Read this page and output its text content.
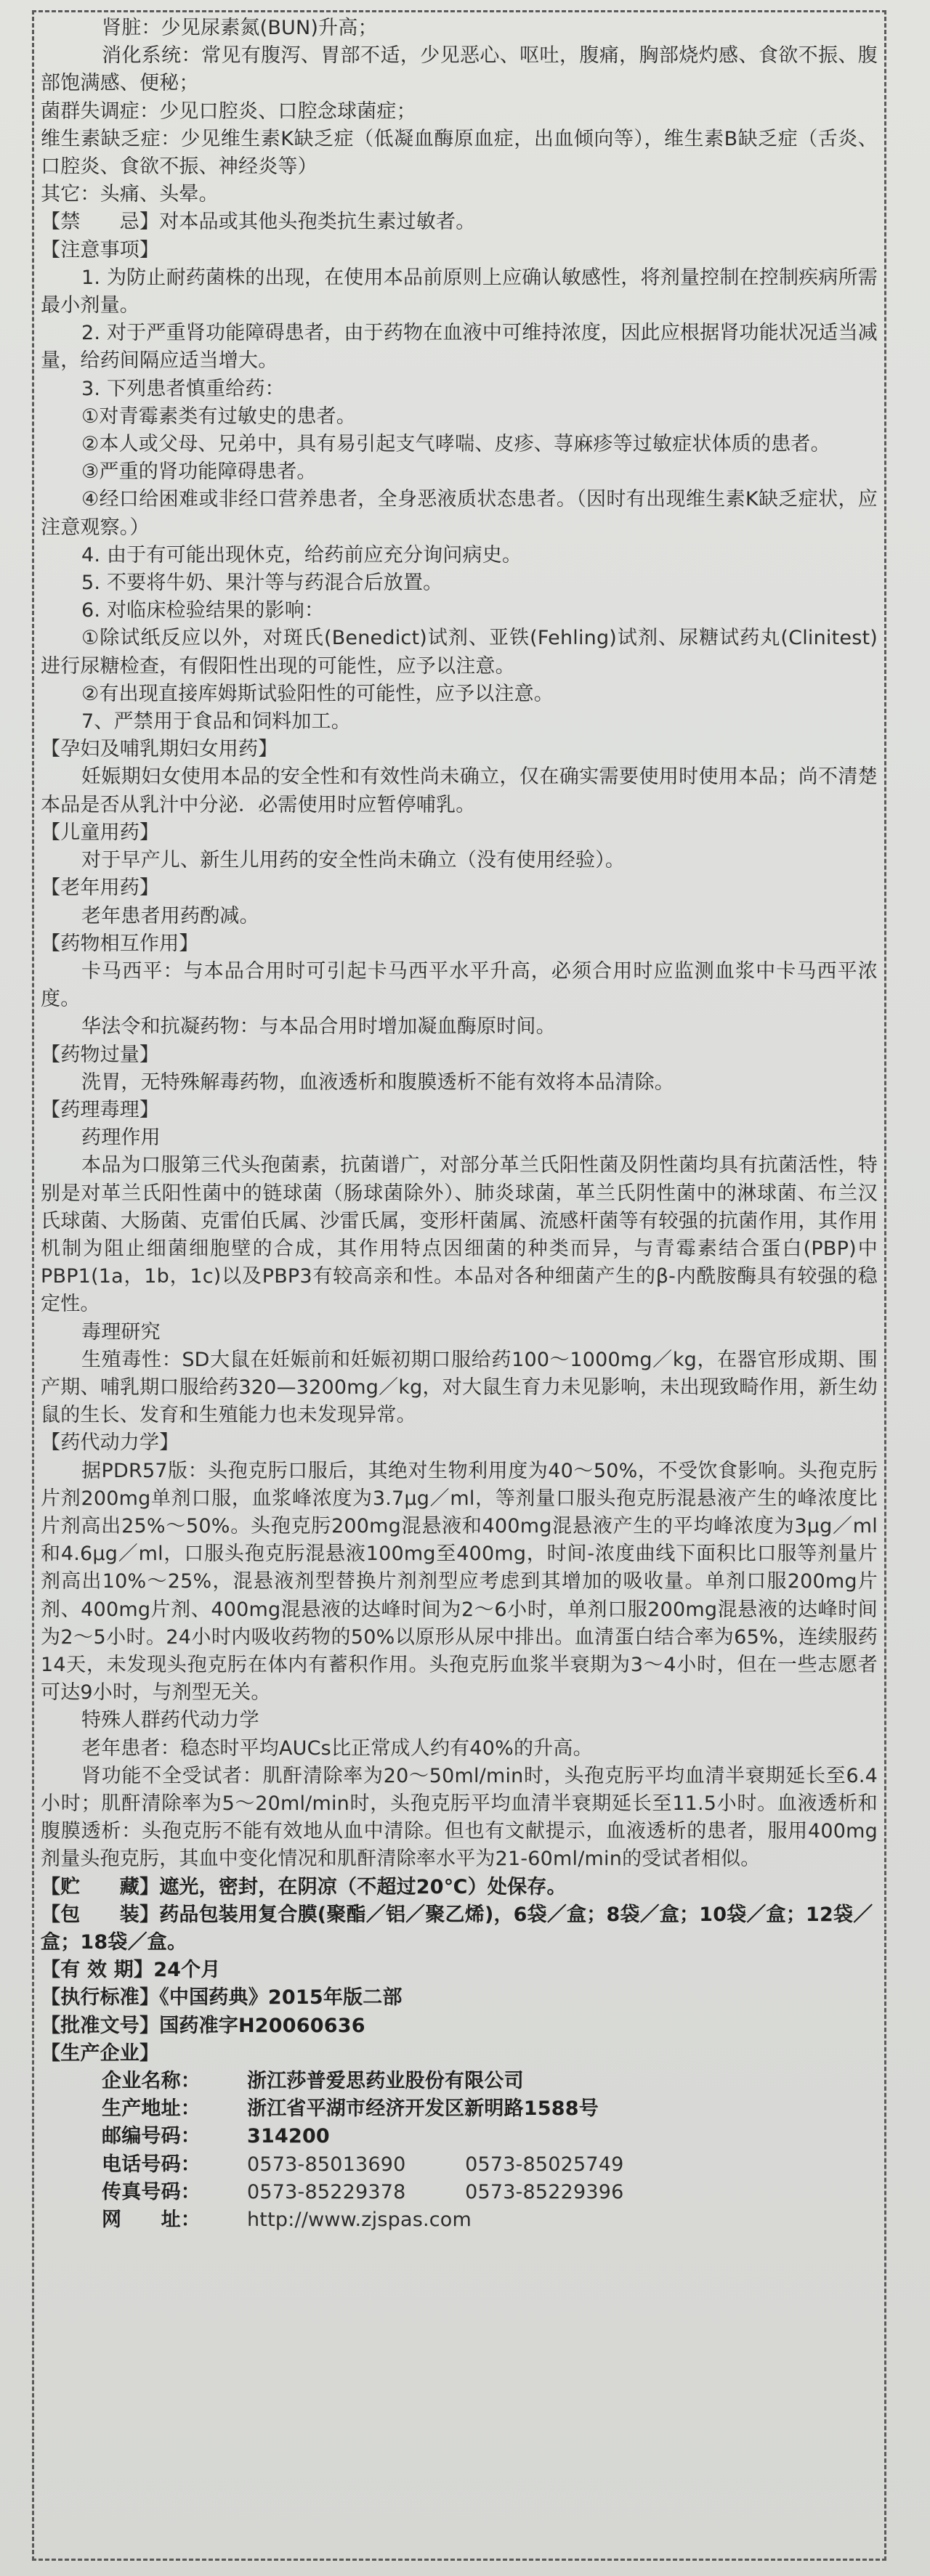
肾脏：少见尿素氮(BUN)升高；

消化系统：常见有腹泻、胃部不适，少见恶心、呕吐，腹痛，胸部烧灼感、食欲不振、腹部饱满感、便秘；

菌群失调症：少见口腔炎、口腔念球菌症；

维生素缺乏症：少见维生素K缺乏症（低凝血酶原血症，出血倾向等），维生素B缺乏症（舌炎、口腔炎、食欲不振、神经炎等）

其它：头痛、头晕。

【禁　　忌】对本品或其他头孢类抗生素过敏者。

【注意事项】

1. 为防止耐药菌株的出现，在使用本品前原则上应确认敏感性，将剂量控制在控制疾病所需最小剂量。

2. 对于严重肾功能障碍患者，由于药物在血液中可维持浓度，因此应根据肾功能状况适当减量，给药间隔应适当增大。

3. 下列患者慎重给药：

①对青霉素类有过敏史的患者。

②本人或父母、兄弟中，具有易引起支气哮喘、皮疹、荨麻疹等过敏症状体质的患者。

③严重的肾功能障碍患者。

④经口给困难或非经口营养患者，全身恶液质状态患者。（因时有出现维生素K缺乏症状，应注意观察。）

4. 由于有可能出现休克，给药前应充分询问病史。

5. 不要将牛奶、果汁等与药混合后放置。

6. 对临床检验结果的影响：

①除试纸反应以外，对斑氏(Benedict)试剂、亚铁(Fehling)试剂、尿糖试药丸(Clinitest) 进行尿糖检查，有假阳性出现的可能性，应予以注意。

②有出现直接库姆斯试验阳性的可能性，应予以注意。

7、严禁用于食品和饲料加工。

【孕妇及哺乳期妇女用药】

妊娠期妇女使用本品的安全性和有效性尚未确立，仅在确实需要使用时使用本品；尚不清楚本品是否从乳汁中分泌．必需使用时应暂停哺乳。

【儿童用药】

对于早产儿、新生儿用药的安全性尚未确立（没有使用经验）。

【老年用药】

老年患者用药酌减。

【药物相互作用】

卡马西平：与本品合用时可引起卡马西平水平升高，必须合用时应监测血浆中卡马西平浓度。

华法令和抗凝药物：与本品合用时增加凝血酶原时间。

【药物过量】

洗胃，无特殊解毒药物，血液透析和腹膜透析不能有效将本品清除。

【药理毒理】

药理作用

本品为口服第三代头孢菌素，抗菌谱广，对部分革兰氏阳性菌及阴性菌均具有抗菌活性，特别是对革兰氏阳性菌中的链球菌（肠球菌除外）、肺炎球菌，革兰氏阴性菌中的淋球菌、布兰汉氏球菌、大肠菌、克雷伯氏属、沙雷氏属，变形杆菌属、流感杆菌等有较强的抗菌作用，其作用机制为阻止细菌细胞壁的合成，其作用特点因细菌的种类而异，与青霉素结合蛋白(PBP)中PBP1(1a，1b，1c)以及PBP3有较高亲和性。本品对各种细菌产生的β-内酰胺酶具有较强的稳定性。

毒理研究

生殖毒性：SD大鼠在妊娠前和妊娠初期口服给药100～1000mg／kg，在器官形成期、围产期、哺乳期口服给药320—3200mg／kg，对大鼠生育力未见影响，未出现致畸作用，新生幼鼠的生长、发育和生殖能力也未发现异常。

【药代动力学】

据PDR57版：头孢克肟口服后，其绝对生物利用度为40～50%，不受饮食影响。头孢克肟片剂200mg单剂口服，血浆峰浓度为3.7μg／ml，等剂量口服头孢克肟混悬液产生的峰浓度比片剂高出25%～50%。头孢克肟200mg混悬液和400mg混悬液产生的平均峰浓度为3μg／ml和4.6μg／ml，口服头孢克肟混悬液100mg至400mg，时间-浓度曲线下面积比口服等剂量片剂高出10%～25%，混悬液剂型替换片剂剂型应考虑到其增加的吸收量。单剂口服200mg片剂、400mg片剂、400mg混悬液的达峰时间为2～6小时，单剂口服200mg混悬液的达峰时间为2～5小时。24小时内吸收药物的50%以原形从尿中排出。血清蛋白结合率为65%，连续服药14天，未发现头孢克肟在体内有蓄积作用。头孢克肟血浆半衰期为3～4小时，但在一些志愿者可达9小时，与剂型无关。

特殊人群药代动力学

老年患者：稳态时平均AUCs比正常成人约有40%的升高。

肾功能不全受试者：肌酐清除率为20～50ml/min时，头孢克肟平均血清半衰期延长至6.4小时；肌酐清除率为5～20ml/min时，头孢克肟平均血清半衰期延长至11.5小时。血液透析和腹膜透析：头孢克肟不能有效地从血中清除。但也有文献提示，血液透析的患者，服用400mg剂量头孢克肟，其血中变化情况和肌酐清除率水平为21-60ml/min的受试者相似。

【贮　　藏】遮光，密封，在阴凉（不超过20℃）处保存。

【包　　装】药品包装用复合膜(聚酯／铝／聚乙烯)，6袋／盒；8袋／盒；10袋／盒；12袋／盒；18袋／盒。

【有 效 期】24个月

【执行标准】《中国药典》2015年版二部

【批准文号】国药准字H20060636

【生产企业】

企业名称： 浙江莎普爱思药业股份有限公司

生产地址： 浙江省平湖市经济开发区新明路1588号

邮编号码： 314200

电话号码： 0573-85013690　　　0573-85025749

传真号码： 0573-85229378　　　0573-85229396

网　　址： http://www.zjspas.com
